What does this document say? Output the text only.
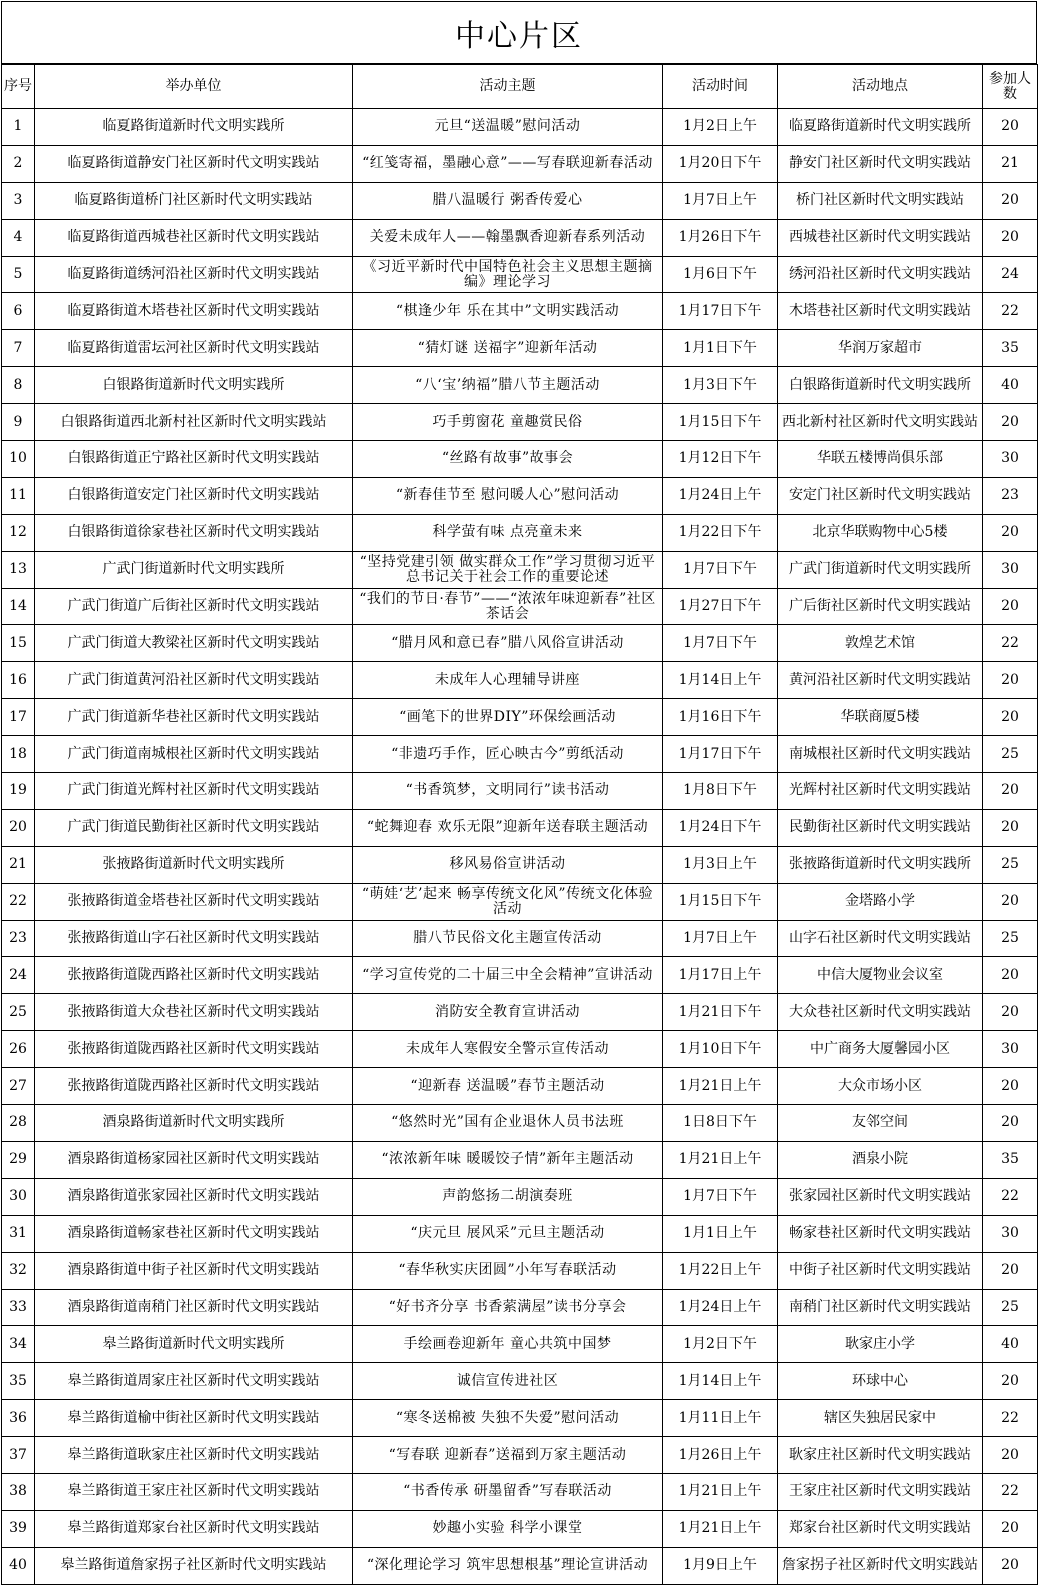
中心片区
序号	举办单位	活动主题	活动时间	活动地点	参加人数
1	临夏路街道新时代文明实践所	元旦“送温暖”慰问活动	1月2日上午	临夏路街道新时代文明实践所	20
2	临夏路街道静安门社区新时代文明实践站	“红笺寄福，墨融心意”——写春联迎新春活动	1月20日下午	静安门社区新时代文明实践站	21
3	临夏路街道桥门社区新时代文明实践站	腊八温暖行 粥香传爱心	1月7日上午	桥门社区新时代文明实践站	20
4	临夏路街道西城巷社区新时代文明实践站	关爱未成年人——翰墨飘香迎新春系列活动	1月26日下午	西城巷社区新时代文明实践站	20
5	临夏路街道绣河沿社区新时代文明实践站	《习近平新时代中国特色社会主义思想主题摘编》理论学习	1月6日下午	绣河沿社区新时代文明实践站	24
6	临夏路街道木塔巷社区新时代文明实践站	“棋逢少年 乐在其中”文明实践活动	1月17日下午	木塔巷社区新时代文明实践站	22
7	临夏路街道雷坛河社区新时代文明实践站	“猜灯谜 送福字”迎新年活动	1月1日下午	华润万家超市	35
8	白银路街道新时代文明实践所	“八‘宝’纳福”腊八节主题活动	1月3日下午	白银路街道新时代文明实践所	40
9	白银路街道西北新村社区新时代文明实践站	巧手剪窗花 童趣赏民俗	1月15日下午	西北新村社区新时代文明实践站	20
10	白银路街道正宁路社区新时代文明实践站	“丝路有故事”故事会	1月12日下午	华联五楼博尚俱乐部	30
11	白银路街道安定门社区新时代文明实践站	“新春佳节至 慰问暖人心”慰问活动	1月24日上午	安定门社区新时代文明实践站	23
12	白银路街道徐家巷社区新时代文明实践站	科学萤有味 点亮童未来	1月22日下午	北京华联购物中心5楼	20
13	广武门街道新时代文明实践所	“坚持党建引领 做实群众工作”学习贯彻习近平总书记关于社会工作的重要论述	1月7日下午	广武门街道新时代文明实践所	30
14	广武门街道广后街社区新时代文明实践站	“我们的节日·春节”——“浓浓年味迎新春”社区茶话会	1月27日下午	广后街社区新时代文明实践站	20
15	广武门街道大教梁社区新时代文明实践站	“腊月风和意已春”腊八风俗宣讲活动	1月7日下午	敦煌艺术馆	22
16	广武门街道黄河沿社区新时代文明实践站	未成年人心理辅导讲座	1月14日上午	黄河沿社区新时代文明实践站	20
17	广武门街道新华巷社区新时代文明实践站	“画笔下的世界DIY”环保绘画活动	1月16日下午	华联商厦5楼	20
18	广武门街道南城根社区新时代文明实践站	“非遗巧手作，匠心映古今”剪纸活动	1月17日下午	南城根社区新时代文明实践站	25
19	广武门街道光辉村社区新时代文明实践站	“书香筑梦，文明同行”读书活动	1月8日下午	光辉村社区新时代文明实践站	20
20	广武门街道民勤街社区新时代文明实践站	“蛇舞迎春 欢乐无限”迎新年送春联主题活动	1月24日下午	民勤街社区新时代文明实践站	20
21	张掖路街道新时代文明实践所	移风易俗宣讲活动	1月3日上午	张掖路街道新时代文明实践所	25
22	张掖路街道金塔巷社区新时代文明实践站	“萌娃‘艺’起来 畅享传统文化风”传统文化体验活动	1月15日下午	金塔路小学	20
23	张掖路街道山字石社区新时代文明实践站	腊八节民俗文化主题宣传活动	1月7日上午	山字石社区新时代文明实践站	25
24	张掖路街道陇西路社区新时代文明实践站	“学习宣传党的二十届三中全会精神”宣讲活动	1月17日上午	中信大厦物业会议室	20
25	张掖路街道大众巷社区新时代文明实践站	消防安全教育宣讲活动	1月21日下午	大众巷社区新时代文明实践站	20
26	张掖路街道陇西路社区新时代文明实践站	未成年人寒假安全警示宣传活动	1月10日下午	中广商务大厦馨园小区	30
27	张掖路街道陇西路社区新时代文明实践站	“迎新春 送温暖”春节主题活动	1月21日上午	大众市场小区	20
28	酒泉路街道新时代文明实践所	“悠然时光”国有企业退休人员书法班	1日8日下午	友邻空间	20
29	酒泉路街道杨家园社区新时代文明实践站	“浓浓新年味 暖暖饺子情”新年主题活动	1月21日上午	酒泉小院	35
30	酒泉路街道张家园社区新时代文明实践站	声韵悠扬二胡演奏班	1月7日下午	张家园社区新时代文明实践站	22
31	酒泉路街道畅家巷社区新时代文明实践站	“庆元旦 展风采”元旦主题活动	1月1日上午	畅家巷社区新时代文明实践站	30
32	酒泉路街道中街子社区新时代文明实践站	“春华秋实庆团圆”小年写春联活动	1月22日上午	中街子社区新时代文明实践站	20
33	酒泉路街道南稍门社区新时代文明实践站	“好书齐分享 书香萦满屋”读书分享会	1月24日上午	南稍门社区新时代文明实践站	25
34	皋兰路街道新时代文明实践所	手绘画卷迎新年 童心共筑中国梦	1月2日下午	耿家庄小学	40
35	皋兰路街道周家庄社区新时代文明实践站	诚信宣传进社区	1月14日上午	环球中心	20
36	皋兰路街道榆中街社区新时代文明实践站	“寒冬送棉被 失独不失爱”慰问活动	1月11日上午	辖区失独居民家中	22
37	皋兰路街道耿家庄社区新时代文明实践站	“写春联 迎新春”送福到万家主题活动	1月26日上午	耿家庄社区新时代文明实践站	20
38	皋兰路街道王家庄社区新时代文明实践站	“书香传承 研墨留香”写春联活动	1月21日上午	王家庄社区新时代文明实践站	22
39	皋兰路街道郑家台社区新时代文明实践站	妙趣小实验 科学小课堂	1月21日上午	郑家台社区新时代文明实践站	20
40	皋兰路街道詹家拐子社区新时代文明实践站	“深化理论学习 筑牢思想根基”理论宣讲活动	1月9日上午	詹家拐子社区新时代文明实践站	20
